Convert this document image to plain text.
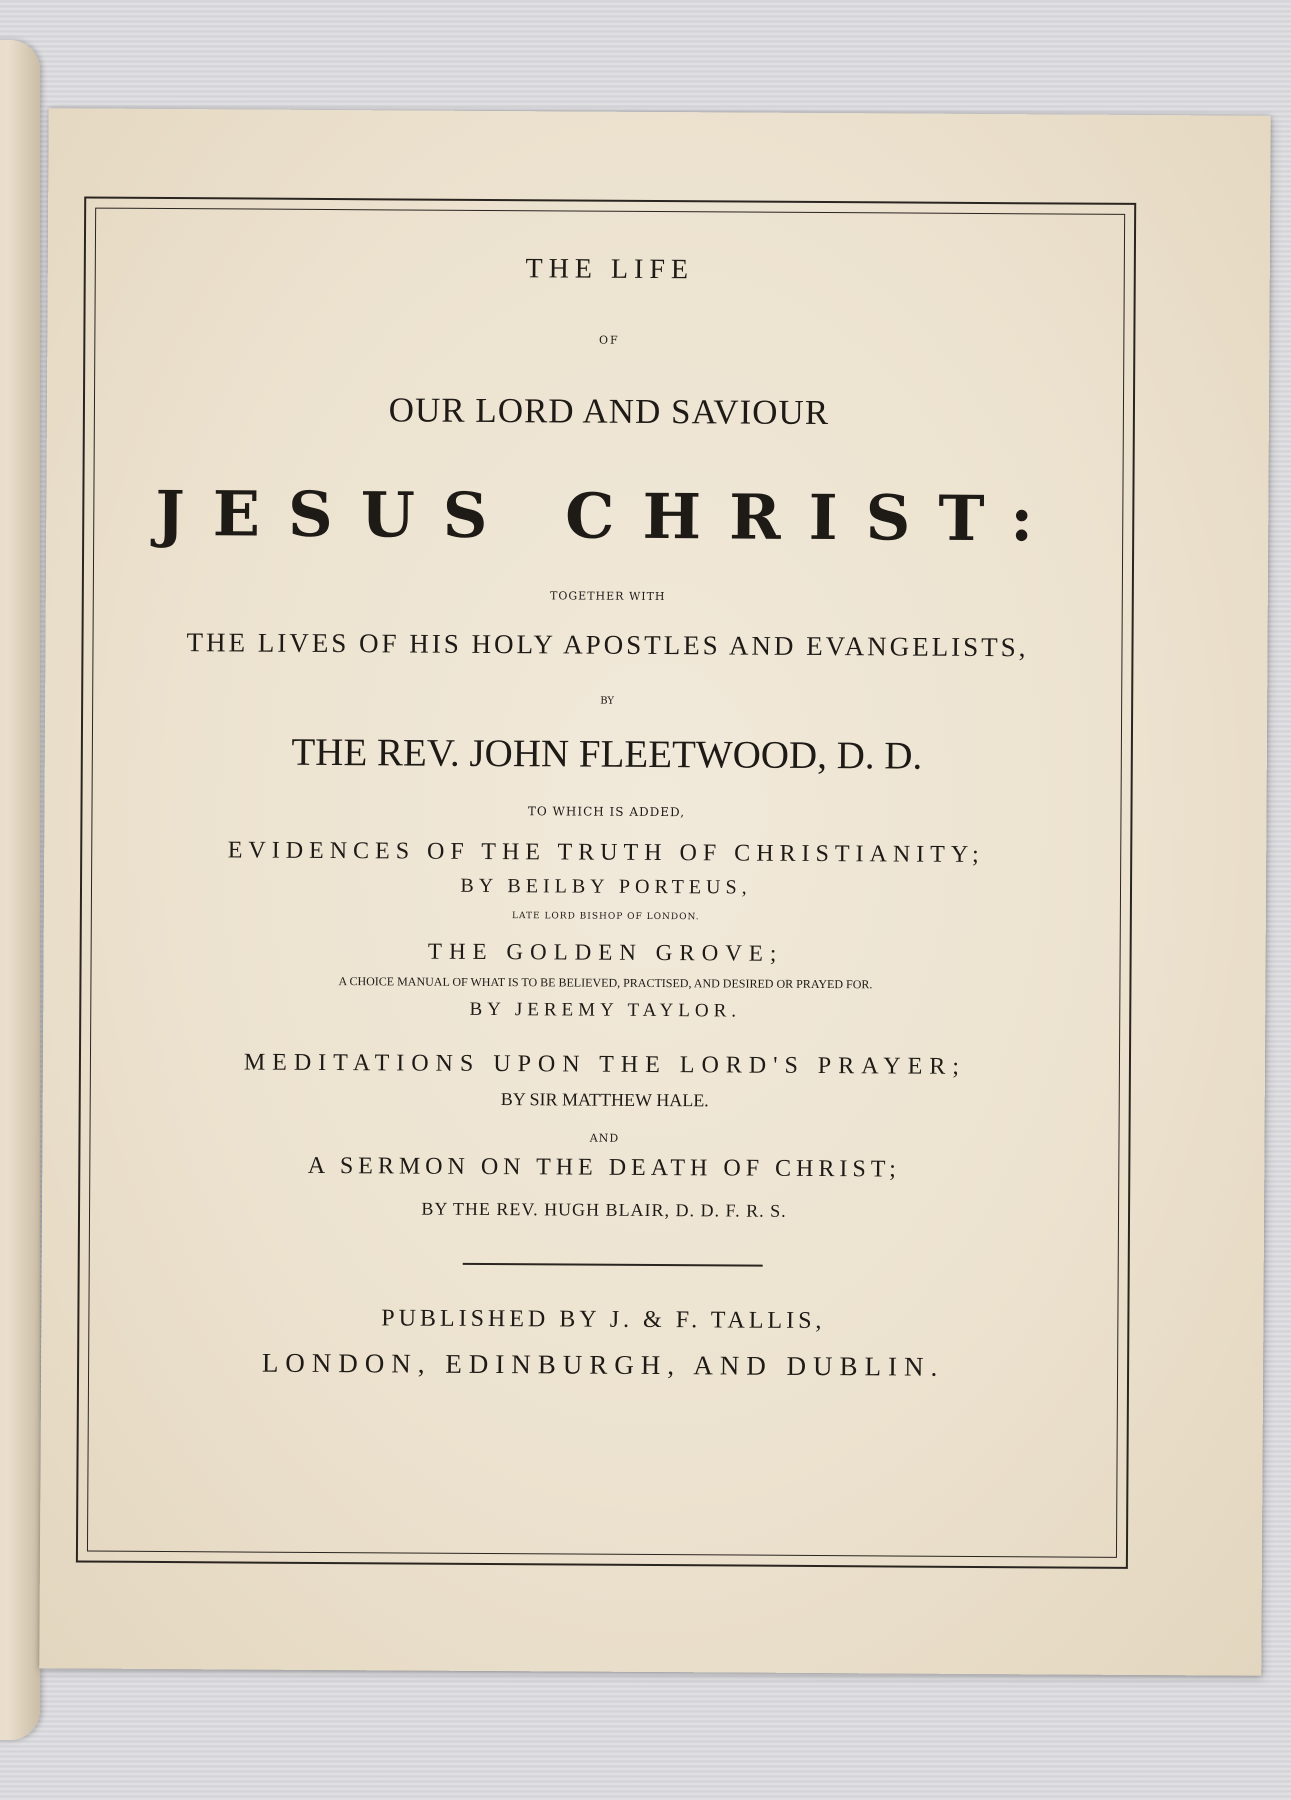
THE LIFE
OF
OUR LORD AND SAVIOUR
JESUS CHRIST:
TOGETHER WITH
THE LIVES OF HIS HOLY APOSTLES AND EVANGELISTS,
BY
THE REV. JOHN FLEETWOOD, D. D.
TO WHICH IS ADDED,
EVIDENCES OF THE TRUTH OF CHRISTIANITY;
BY BEILBY PORTEUS,
LATE LORD BISHOP OF LONDON.
THE GOLDEN GROVE;
A CHOICE MANUAL OF WHAT IS TO BE BELIEVED, PRACTISED, AND DESIRED OR PRAYED FOR.
BY JEREMY TAYLOR.
MEDITATIONS UPON THE LORD'S PRAYER;
BY SIR MATTHEW HALE.
AND
A SERMON ON THE DEATH OF CHRIST;
BY THE REV. HUGH BLAIR, D. D. F. R. S.
PUBLISHED BY J. & F. TALLIS,
LONDON, EDINBURGH, AND DUBLIN.
